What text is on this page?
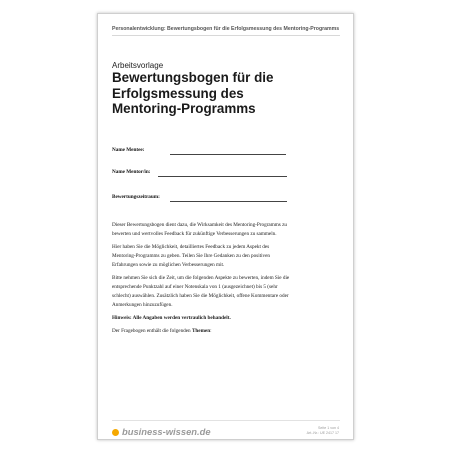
Personalentwicklung: Bewertungsbogen für die Erfolgsmessung des Mentoring-Programms
Arbeitsvorlage
Bewertungsbogen für die
Erfolgsmessung des
Mentoring-Programms
Name Mentee:
Name Mentor/in:
Bewertungszeitraum:

Dieser Bewertungsbogen dient dazu, die Wirksamkeit des Mentoring-Programms zu bewerten und wertvolles Feedback für zukünftige Verbesserungen zu sammeln.

Hier haben Sie die Möglichkeit, detailliertes Feedback zu jedem Aspekt des Mentoring-Programms zu geben. Teilen Sie Ihre Gedanken zu den positiven Erfahrungen sowie zu möglichen Verbesserungen mit.

Bitte nehmen Sie sich die Zeit, um die folgenden Aspekte zu bewerten, indem Sie die entsprechende Punktzahl auf einer Notenskala von 1 (ausgezeichnet) bis 5 (sehr schlecht) auswählen. Zusätzlich haben Sie die Möglichkeit, offene Kommentare oder Anmerkungen hinzuzufügen.

Hinweis: Alle Angaben werden vertraulich behandelt.

Der Fragebogen enthält die folgenden Themen:

business-wissen.de	Seite 1 von 4
Art.-Nr.: UE 2417 17
